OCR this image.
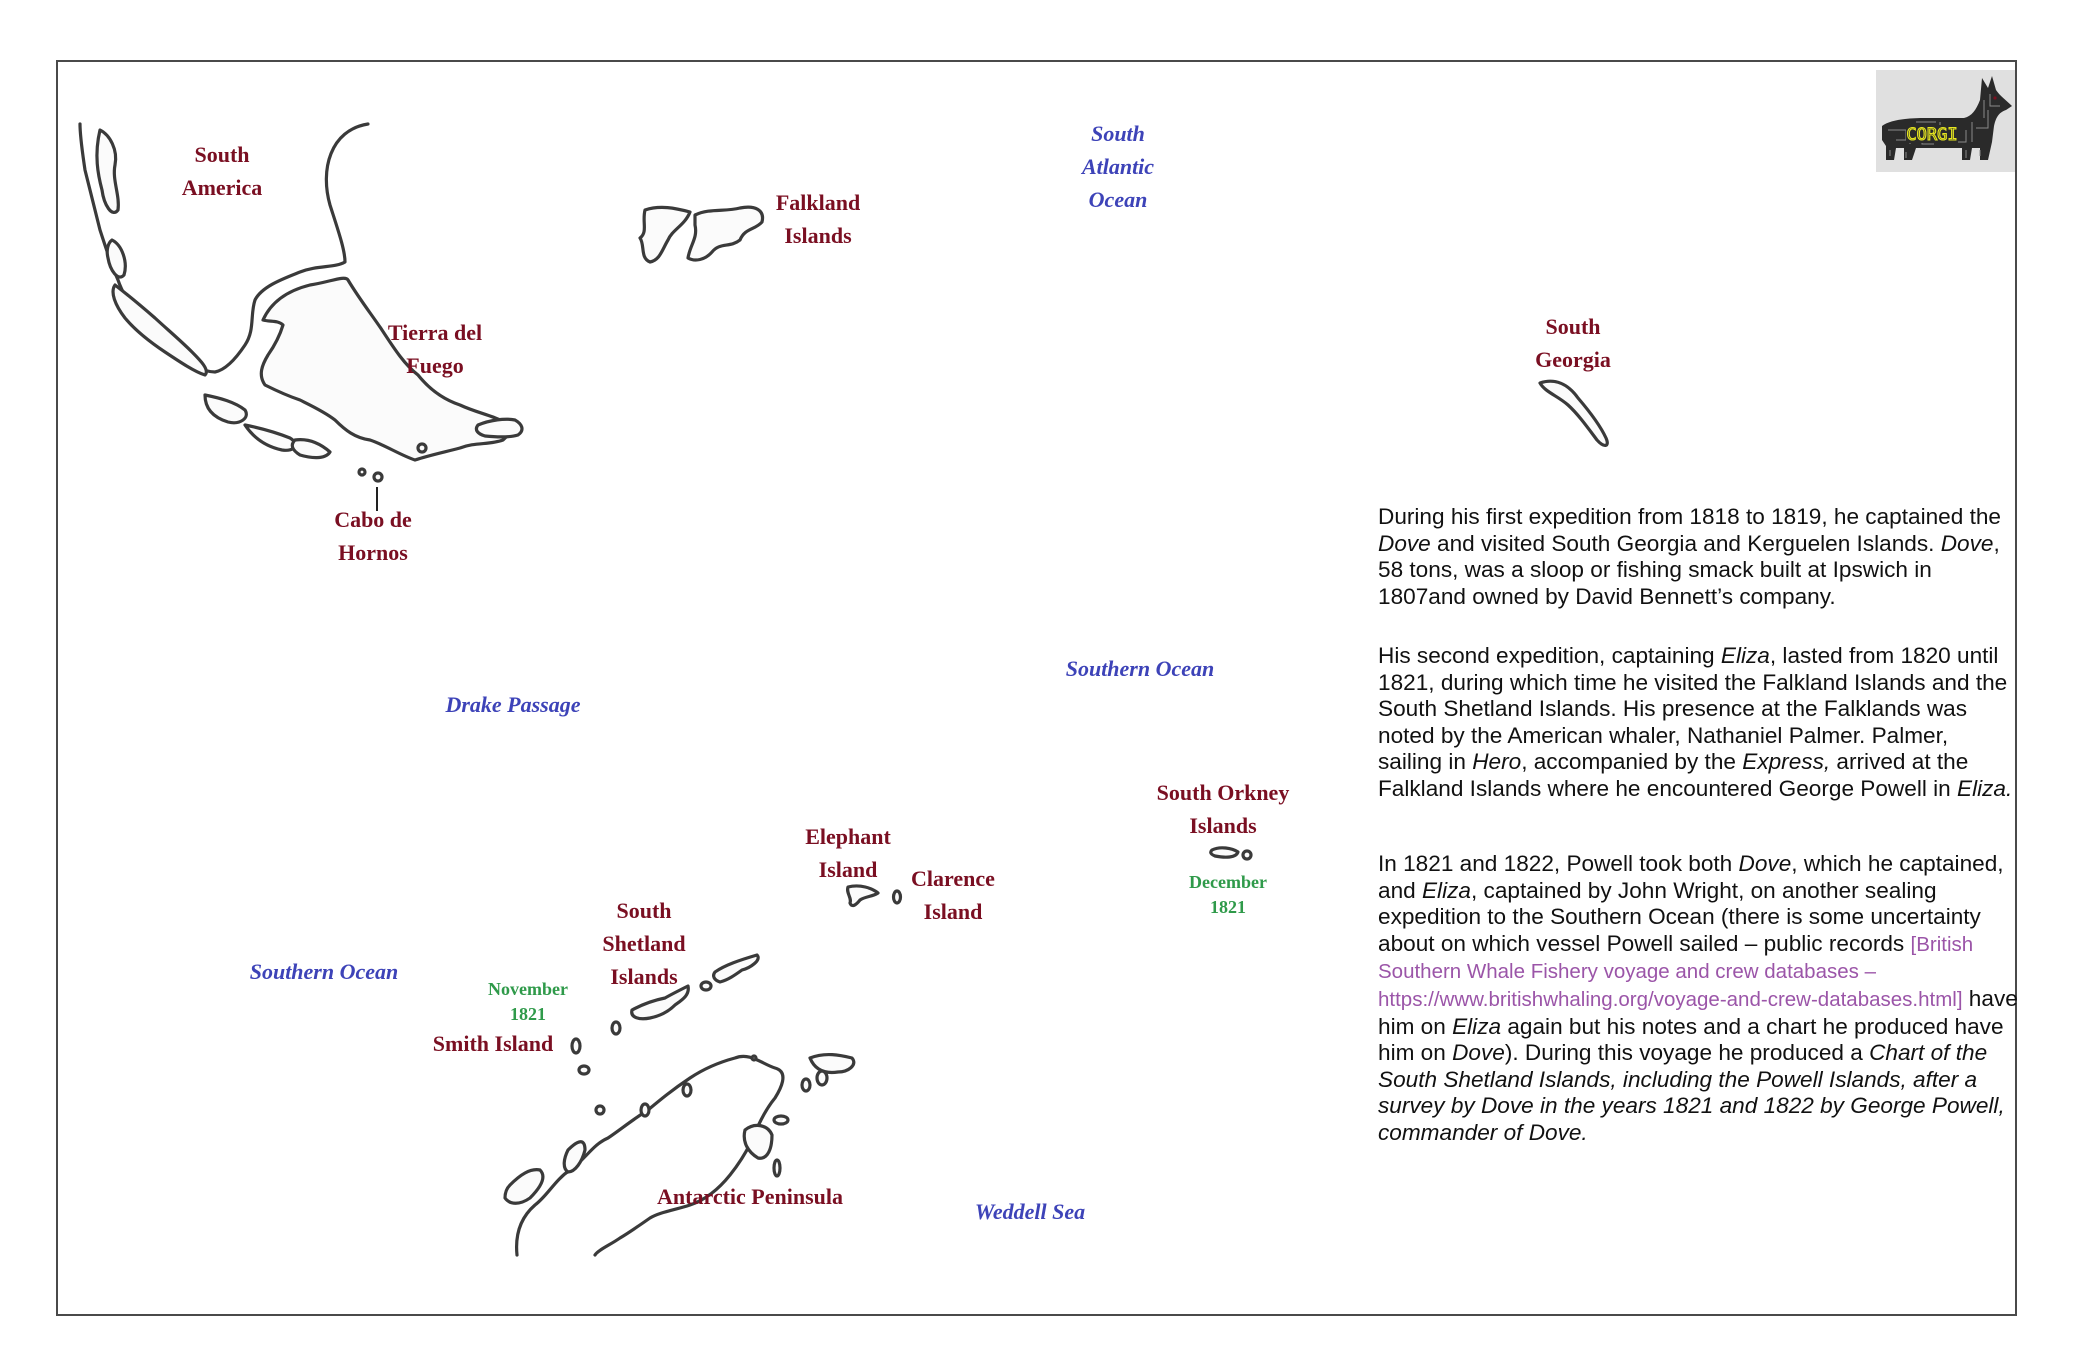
South
America
Tierra del
Fuego
Cabo de
Hornos
Falkland
Islands
South
Georgia
South Orkney
Islands
Elephant
Island	Clarence
Island
South
Shetland
Islands
Smith Island
Antarctic Peninsula
South
Atlantic
Ocean
Southern Ocean
Drake Passage
Southern Ocean
Weddell Sea
December
1821
November
1821
CORGI

During his first expedition from 1818 to 1819, he captained the Dove and visited South Georgia and Kerguelen Islands. Dove, 58 tons, was a sloop or fishing smack built at Ipswich in 1807and owned by David Bennett’s company.

His second expedition, captaining Eliza, lasted from 1820 until 1821, during which time he visited the Falkland Islands and the South Shetland Islands. His presence at the Falklands was noted by the American whaler, Nathaniel Palmer. Palmer, sailing in Hero, accompanied by the Express, arrived at the Falkland Islands where he encountered George Powell in Eliza.

In 1821 and 1822, Powell took both Dove, which he captained, and Eliza, captained by John Wright, on another sealing expedition to the Southern Ocean (there is some uncertainty about on which vessel Powell sailed – public records [British Southern Whale Fishery voyage and crew databases – https://www.britishwhaling.org/voyage-and-crew-databases.html] have him on Eliza again but his notes and a chart he produced have him on Dove). During this voyage he produced a Chart of the South Shetland Islands, including the Powell Islands, after a survey by Dove in the years 1821 and 1822 by George Powell, commander of Dove.
